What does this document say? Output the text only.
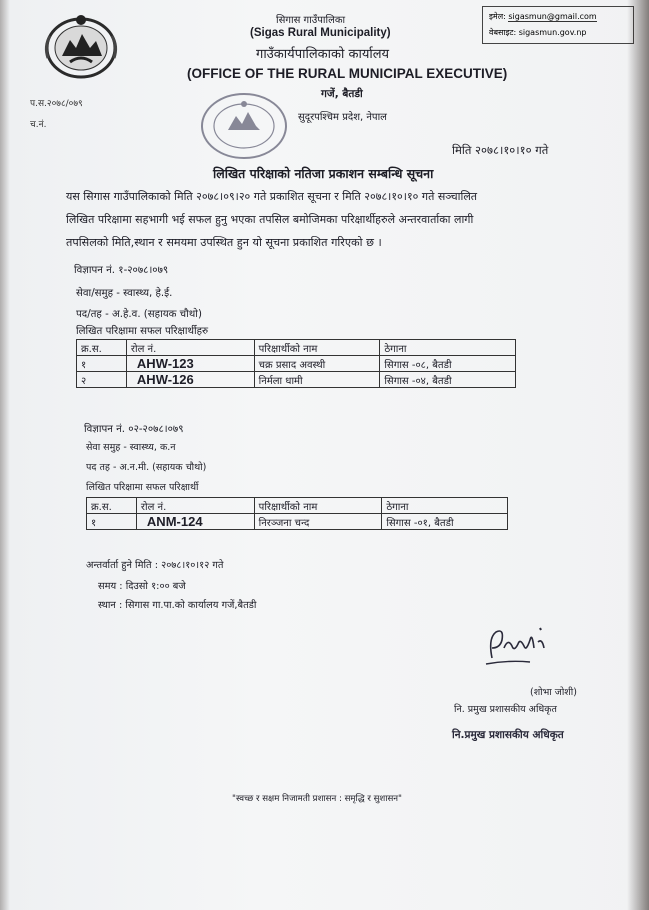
सिगास गाउँपालिका
(Sigas Rural Municipality)
गाउँकार्यपालिकाको कार्यालय
(OFFICE OF THE RURAL MUNICIPAL EXECUTIVE)
गजें, बैतडी
सुदूरपश्चिम प्रदेश, नेपाल
इमेल: sigasmun@gmail.com
वेबसाइट: sigasmun.gov.np
प.स.२०७८/०७९
च.नं.
मिति २०७८।१०।१० गते
लिखित परिक्षाको नतिजा प्रकाशन सम्बन्धि सूचना
यस सिगास गाउँपालिकाको मिति २०७८।०९।२० गते प्रकाशित सूचना र मिति २०७८।१०।१० गते सञ्चालित
लिखित परिक्षामा सहभागी भई सफल हुनु भएका तपसिल बमोजिमका परिक्षार्थीहरुले अन्तरवार्ताका लागी
तपसिलको मिति,स्थान र समयमा उपस्थित हुन यो सूचना प्रकाशित गरिएको छ ।
विज्ञापन नं. १-२०७८।०७९
सेवा/समुह - स्वास्थ्य, हे.ई.
पद/तह - अ.हे.व. (सहायक चौथो)
लिखित परिक्षामा सफल परिक्षार्थीहरु
क्र.स.	रोल नं.	परिक्षार्थीको नाम	ठेगाना
१	AHW-123	चक्र प्रसाद अवस्थी	सिगास -०८, बैतडी
२	AHW-126	निर्मला धामी	सिगास -०४, बैतडी
विज्ञापन नं. ०२-२०७८।०७९
सेवा समुह - स्वास्थ्य, क.न
पद तह - अ.न.मी. (सहायक चौथो)
लिखित परिक्षामा सफल परिक्षार्थी
क्र.स.	रोल नं.	परिक्षार्थीको नाम	ठेगाना
१	ANM-124	निरञ्जना चन्द	सिगास -०१, बैतडी
अन्तर्वार्ता हुने मिति : २०७८।१०।१२ गते
समय : दिउसो १:०० बजे
स्थान : सिगास गा.पा.को कार्यालय गजें,बैतडी
(शोभा जोशी)
नि. प्रमुख प्रशासकीय अधिकृत
नि.प्रमुख प्रशासकीय अधिकृत
"स्वच्छ र सक्षम निजामती प्रशासन : समृद्धि र सुशासन"
